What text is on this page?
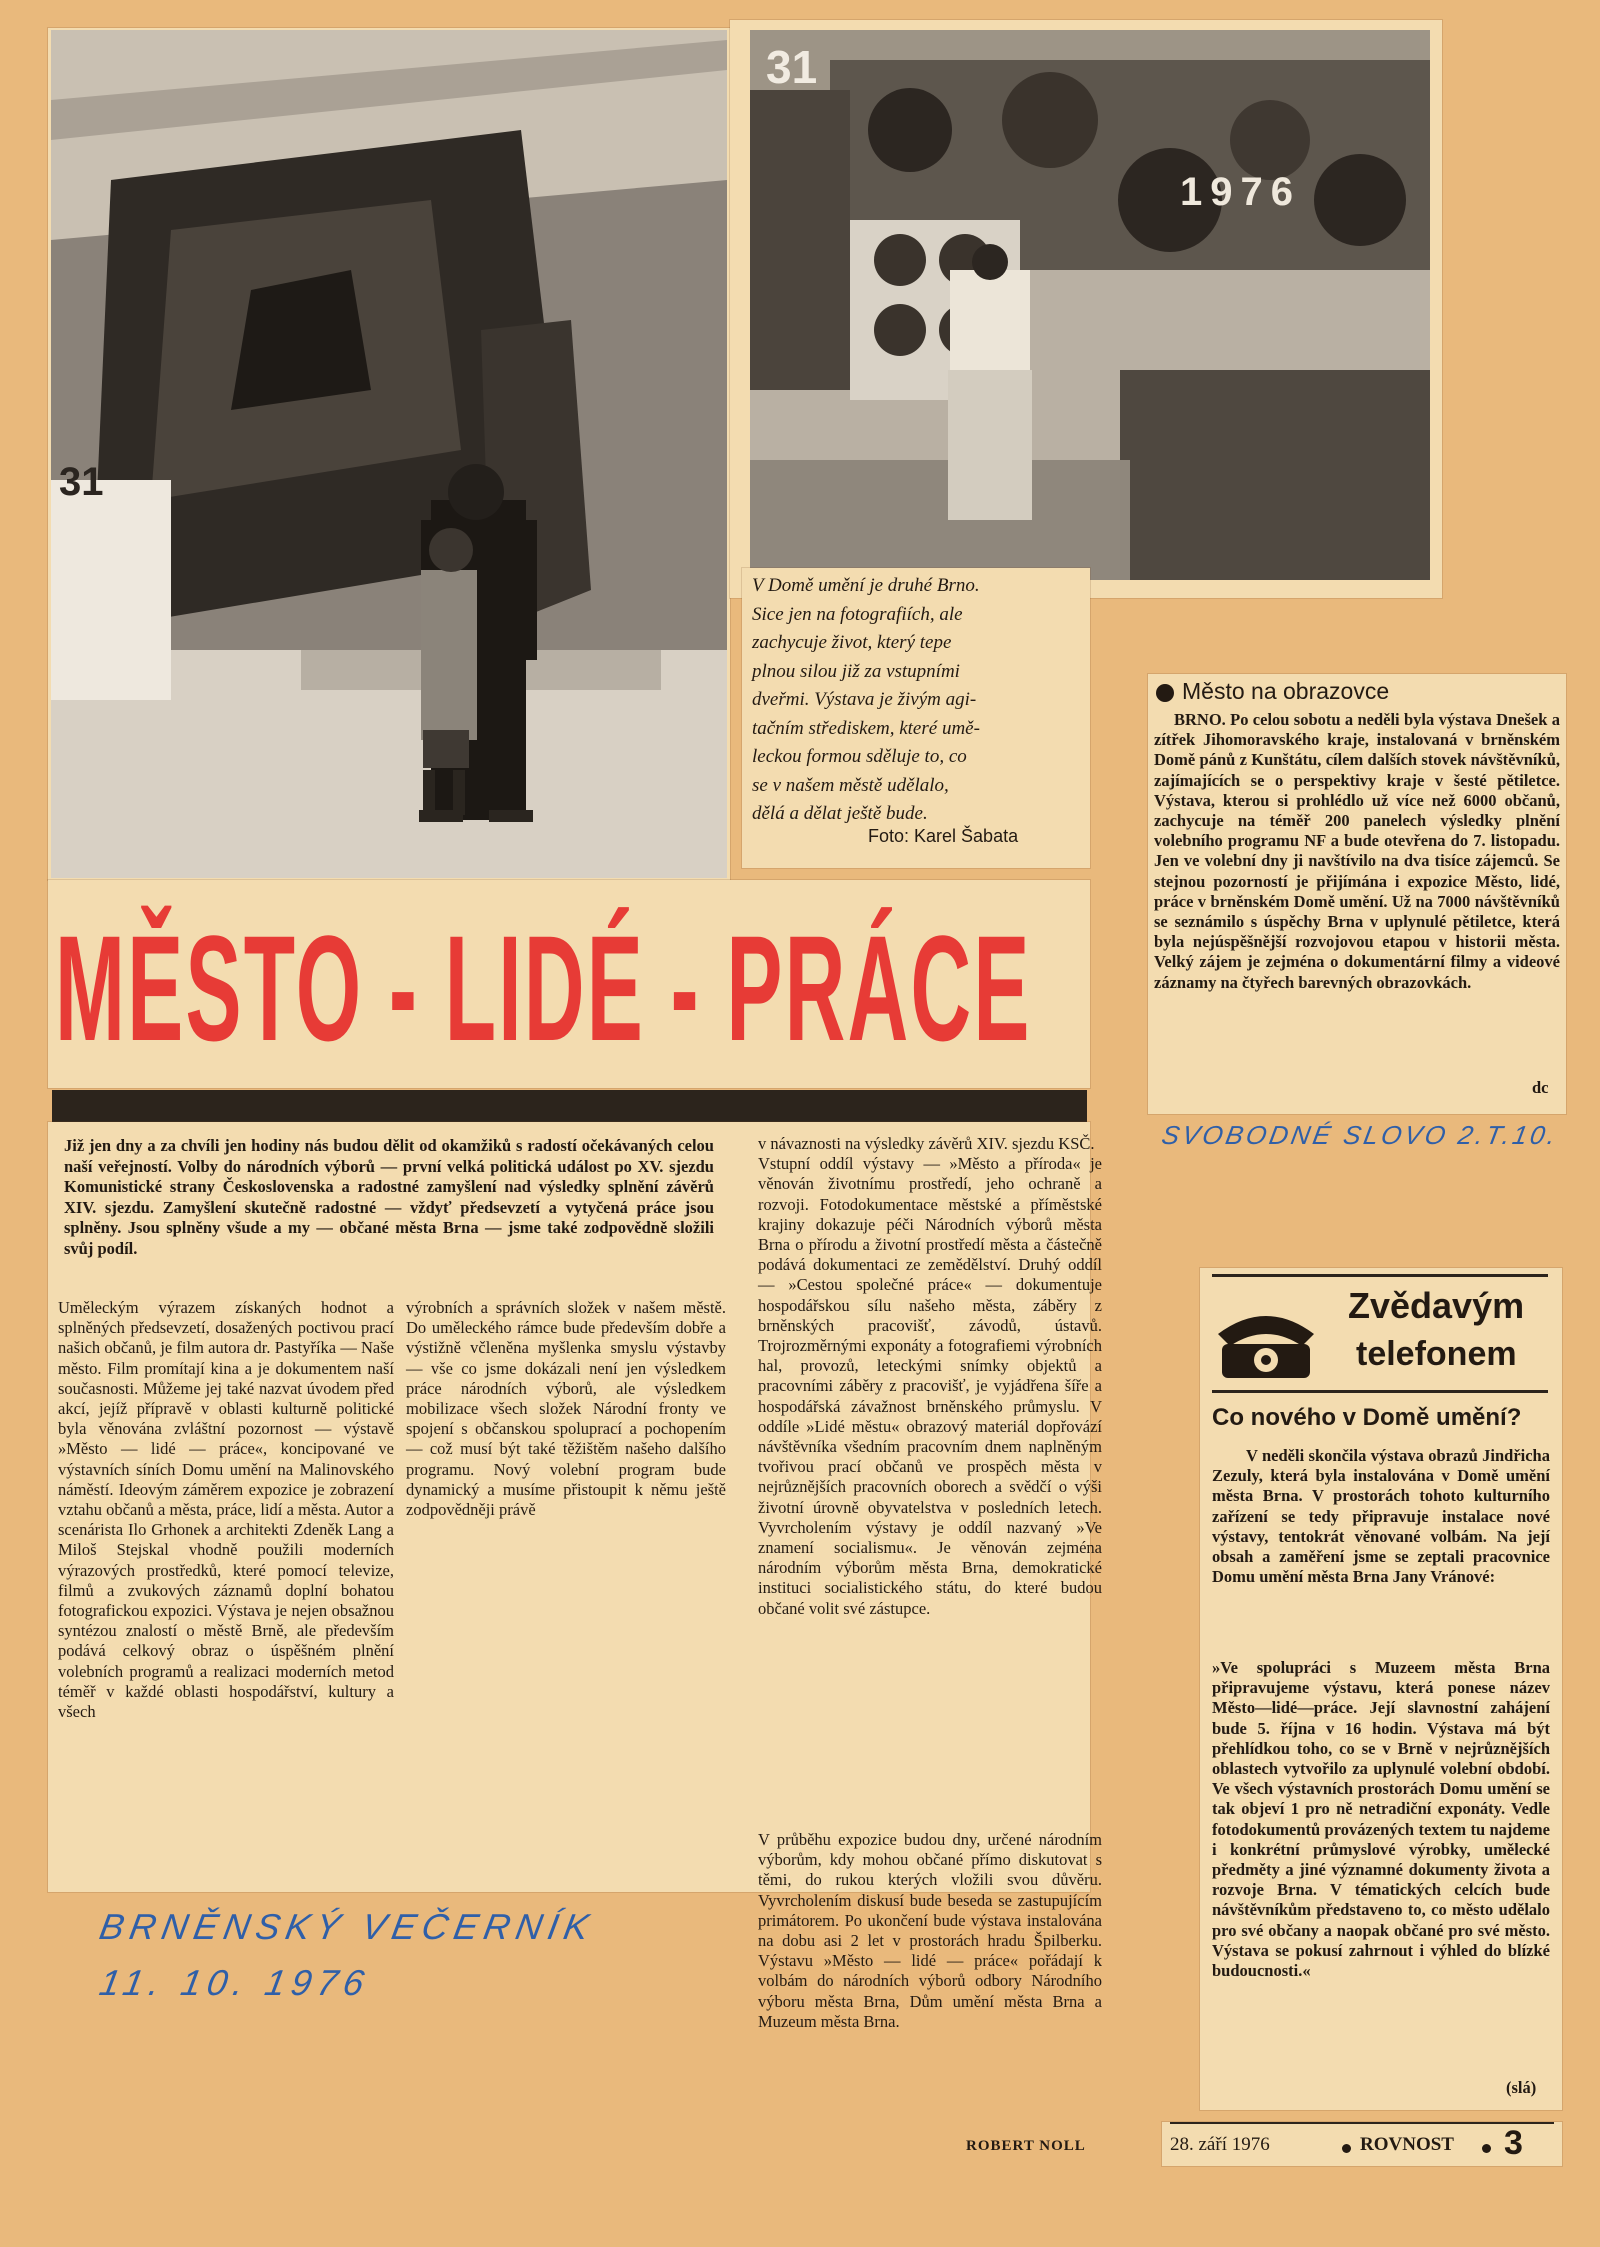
31
31
1976
V Domě umění je druhé Brno.
Sice jen na fotografiích, ale
zachycuje život, který tepe
plnou silou již za vstupními
dveřmi. Výstava je živým agi-
tačním střediskem, které umě-
leckou formou sděluje to, co
se v našem městě udělalo,
dělá a dělat ještě bude.
Foto: Karel Šabata
MĚSTO - LIDÉ - PRÁCE

Již jen dny a za chvíli jen hodiny nás budou dělit od okamžiků s radostí očekávaných celou naší veřejností. Volby do národních výborů — první velká politická událost po XV. sjezdu Komunistické strany Československa a radostné zamyšlení nad výsledky splnění závěrů XIV. sjezdu. Zamyšlení skutečně radostné — vždyť předsevzetí a vytyčená práce jsou splněny. Jsou splněny všude a my — občané města Brna — jsme také zodpovědně složili svůj podíl.

Uměleckým výrazem získaných hodnot a splněných předsevzetí, dosažených poctivou prací našich občanů, je film autora dr. Pastyříka — Naše město. Film promítají kina a je dokumentem naší současnosti. Můžeme jej také nazvat úvodem před akcí, jejíž přípravě v oblasti kulturně politické byla věnována zvláštní pozornost — výstavě »Město — lidé — práce«, koncipované ve výstavních síních Domu umění na Malinovského náměstí. Ideovým záměrem expozice je zobrazení vztahu občanů a města, práce, lidí a města. Autor a scenárista Ilo Grhonek a architekti Zdeněk Lang a Miloš Stejskal vhodně použili moderních výrazových prostředků, které pomocí televize, filmů a zvukových záznamů doplní bohatou fotografickou expozici. Výstava je nejen obsažnou syntézou znalostí o městě Brně, ale především podává celkový obraz o úspěšném plnění volebních programů a realizaci moderních metod téměř v každé oblasti hospodářství, kultury a všech

výrobních a správních složek v našem městě. Do uměleckého rámce bude především dobře a výstižně včleněna myšlenka smyslu výstavby — vše co jsme dokázali není jen výsledkem práce národních výborů, ale výsledkem mobilizace všech složek Národní fronty ve spojení s občanskou spoluprací a pochopením — což musí být také těžištěm našeho dalšího programu. Nový volební program bude dynamický a musíme přistoupit k němu ještě zodpovědněji právě

v návaznosti na výsledky závěrů XIV. sjezdu KSČ.
Vstupní oddíl výstavy — »Město a příroda« je věnován životnímu prostředí, jeho ochraně a rozvoji. Fotodokumentace městské a příměstské krajiny dokazuje péči Národních výborů města Brna o přírodu a životní prostředí města a částečně podává dokumentaci ze zemědělství. Druhý oddíl — »Cestou společné práce« — dokumentuje hospodářskou sílu našeho města, záběry z brněnských pracovišť, závodů, ústavů. Trojrozměrnými exponáty a fotografiemi výrobních hal, provozů, leteckými snímky objektů a pracovními záběry z pracovišť, je vyjádřena šíře a hospodářská závažnost brněnského průmyslu. V oddíle »Lidé městu« obrazový materiál dopřovází návštěvníka všedním pracovním dnem naplněným tvořivou prací občanů ve prospěch města v nejrůznějších pracovních oborech a svědčí o výši životní úrovně obyvatelstva v posledních letech. Vyvrcholením výstavy je oddíl nazvaný »Ve znamení socialismu«. Je věnován zejména národním výborům města Brna, demokratické instituci socialistického státu, do které budou občané volit své zástupce.

V průběhu expozice budou dny, určené národním výborům, kdy mohou občané přímo diskutovat s těmi, do rukou kterých vložili svou důvěru. Vyvrcholením diskusí bude beseda se zastupujícím primátorem. Po ukončení bude výstava instalována na dobu asi 2 let v prostorách hradu Špilberku. Výstavu »Město — lidé — práce« pořádají k volbám do národních výborů odbory Národního výboru města Brna, Dům umění města Brna a Muzeum města Brna.

ROBERT NOLL
BRNĚNSKÝ VEČERNÍK
11. 10. 1976
SVOBODNÉ SLOVO 2.T.10.
Město na obrazovce

BRNO. Po celou sobotu a neděli byla výstava Dnešek a zítřek Jihomoravského kraje, instalovaná v brněnském Domě pánů z Kunštátu, cílem dalších stovek návštěvníků, zajímajících se o perspektivy kraje v šesté pětiletce. Výstava, kterou si prohlédlo už více než 6000 občanů, zachycuje na téměř 200 panelech výsledky plnění volebního programu NF a bude otevřena do 7. listopadu. Jen ve volební dny ji navštívilo na dva tisíce zájemců. Se stejnou pozorností je přijímána i expozice Město, lidé, práce v brněnském Domě umění. Už na 7000 návštěvníků se seznámilo s úspěchy Brna v uplynulé pětiletce, která byla nejúspěšnější rozvojovou etapou v historii města. Velký zájem je zejména o dokumentární filmy a videové záznamy na čtyřech barevných obrazovkách.

dc
Zvědavým
telefonem
Co nového v Domě umění?

V neděli skončila výstava obrazů Jindřicha Zezuly, která byla instalována v Domě umění města Brna. V prostorách tohoto kulturního zařízení se tedy připravuje instalace nové výstavy, tentokrát věnované volbám. Na její obsah a zaměření jsme se zeptali pracovnice Domu umění města Brna Jany Vránové:

»Ve spolupráci s Muzeem města Brna připravujeme výstavu, která ponese název Město—lidé—práce. Její slavnostní zahájení bude 5. října v 16 hodin. Výstava má být přehlídkou toho, co se v Brně v nejrůznějších oblastech vytvořilo za uplynulé volební období. Ve všech výstavních prostorách Domu umění se tak objeví 1 pro ně netradiční exponáty. Vedle fotodokumentů provázených textem tu najdeme i konkrétní průmyslové výrobky, umělecké předměty a jiné významné dokumenty života a rozvoje Brna. V tématických celcích bude návštěvníkům představeno to, co město udělalo pro své občany a naopak občané pro své město. Výstava se pokusí zahrnout i výhled do blízké budoucnosti.«

(slá)
28. září 1976	ROVNOST 3
